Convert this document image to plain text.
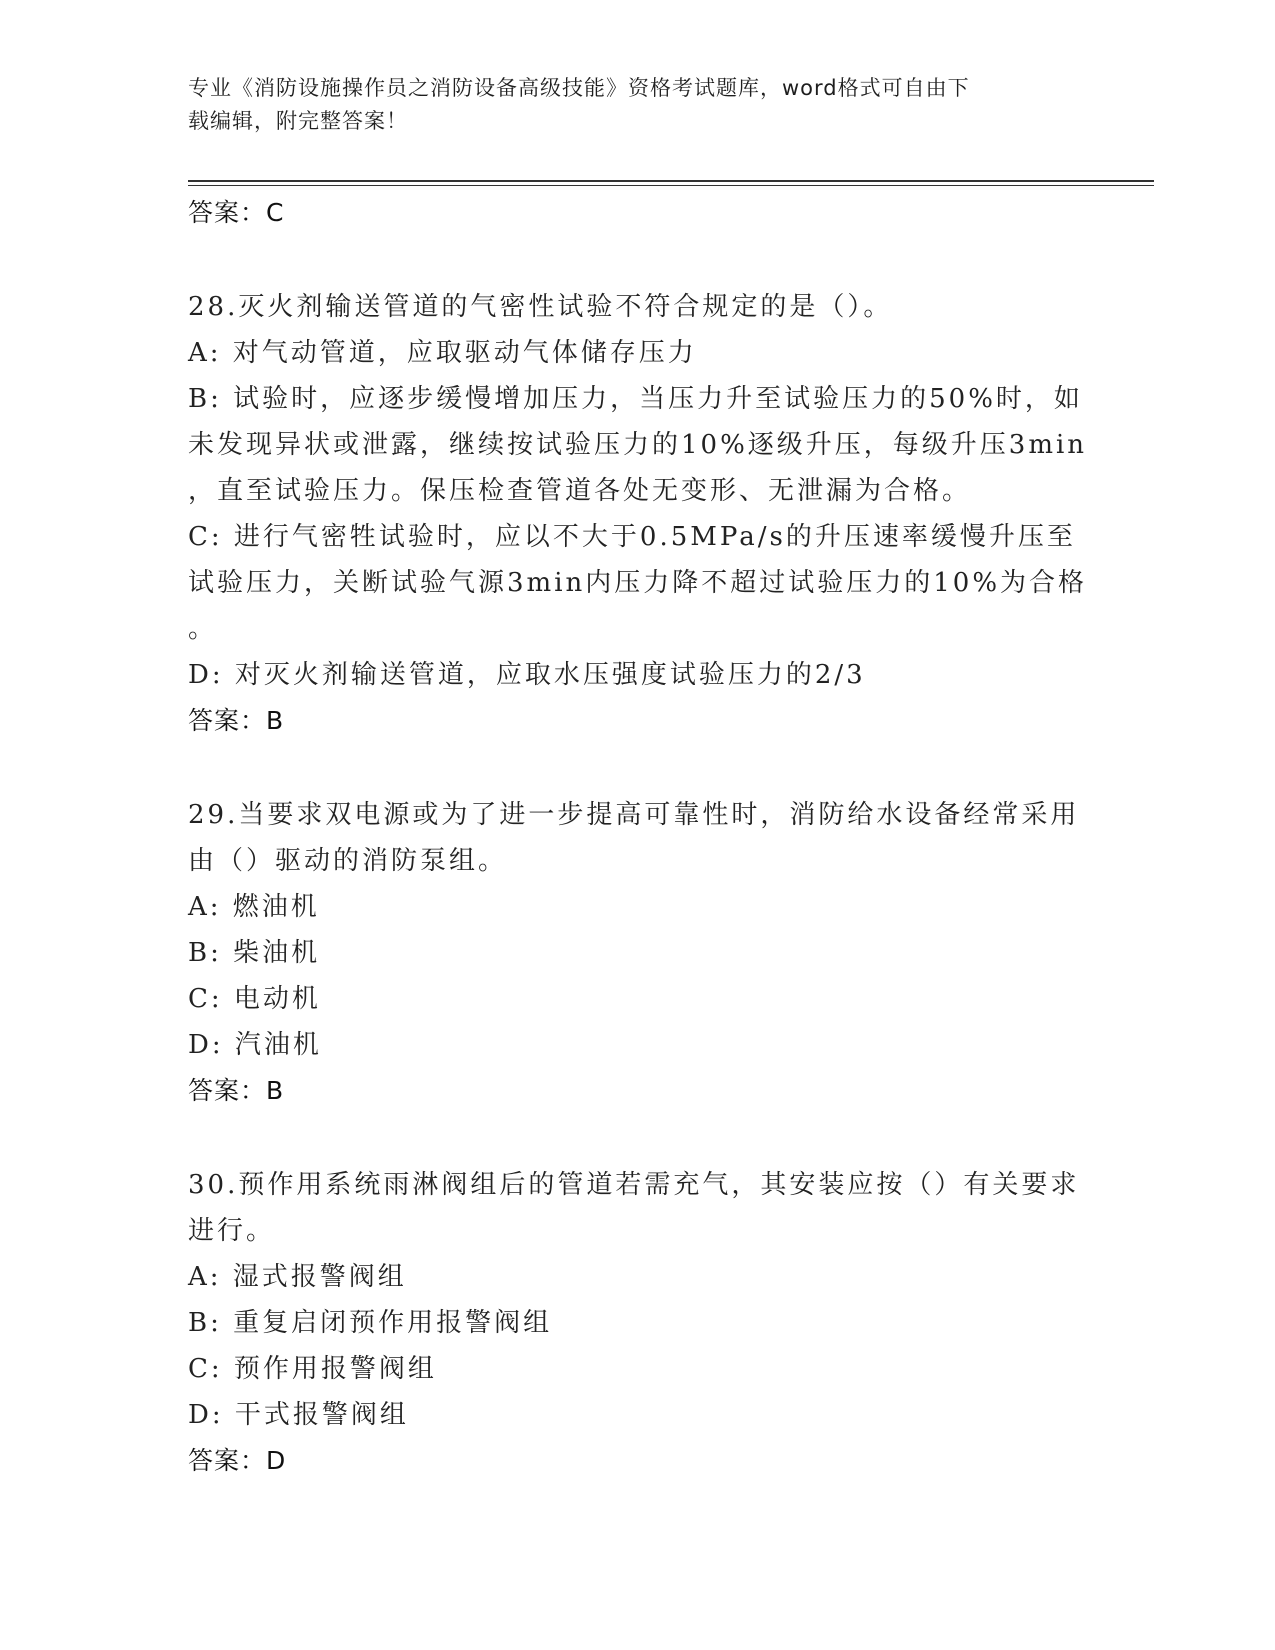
专业《消防设施操作员之消防设备高级技能》资格考试题库，word格式可自由下
载编辑，附完整答案！
答案：C
28.灭火剂输送管道的气密性试验不符合规定的是（）。
A: 对气动管道，应取驱动气体储存压力
B: 试验时，应逐步缓慢增加压力，当压力升至试验压力的50%时，如
未发现异状或泄露，继续按试验压力的10%逐级升压，每级升压3min
，直至试验压力。保压检查管道各处无变形、无泄漏为合格。
C: 进行气密牲试验时，应以不大于0.5MPa/s的升压速率缓慢升压至
试验压力，关断试验气源3min内压力降不超过试验压力的10%为合格
。
D: 对灭火剂输送管道，应取水压强度试验压力的2/3
答案：B
29.当要求双电源或为了进一步提高可靠性时，消防给水设备经常采用
由（）驱动的消防泵组。
A: 燃油机
B: 柴油机
C: 电动机
D: 汽油机
答案：B
30.预作用系统雨淋阀组后的管道若需充气，其安装应按（）有关要求
进行。
A: 湿式报警阀组
B: 重复启闭预作用报警阀组
C: 预作用报警阀组
D: 干式报警阀组
答案：D
